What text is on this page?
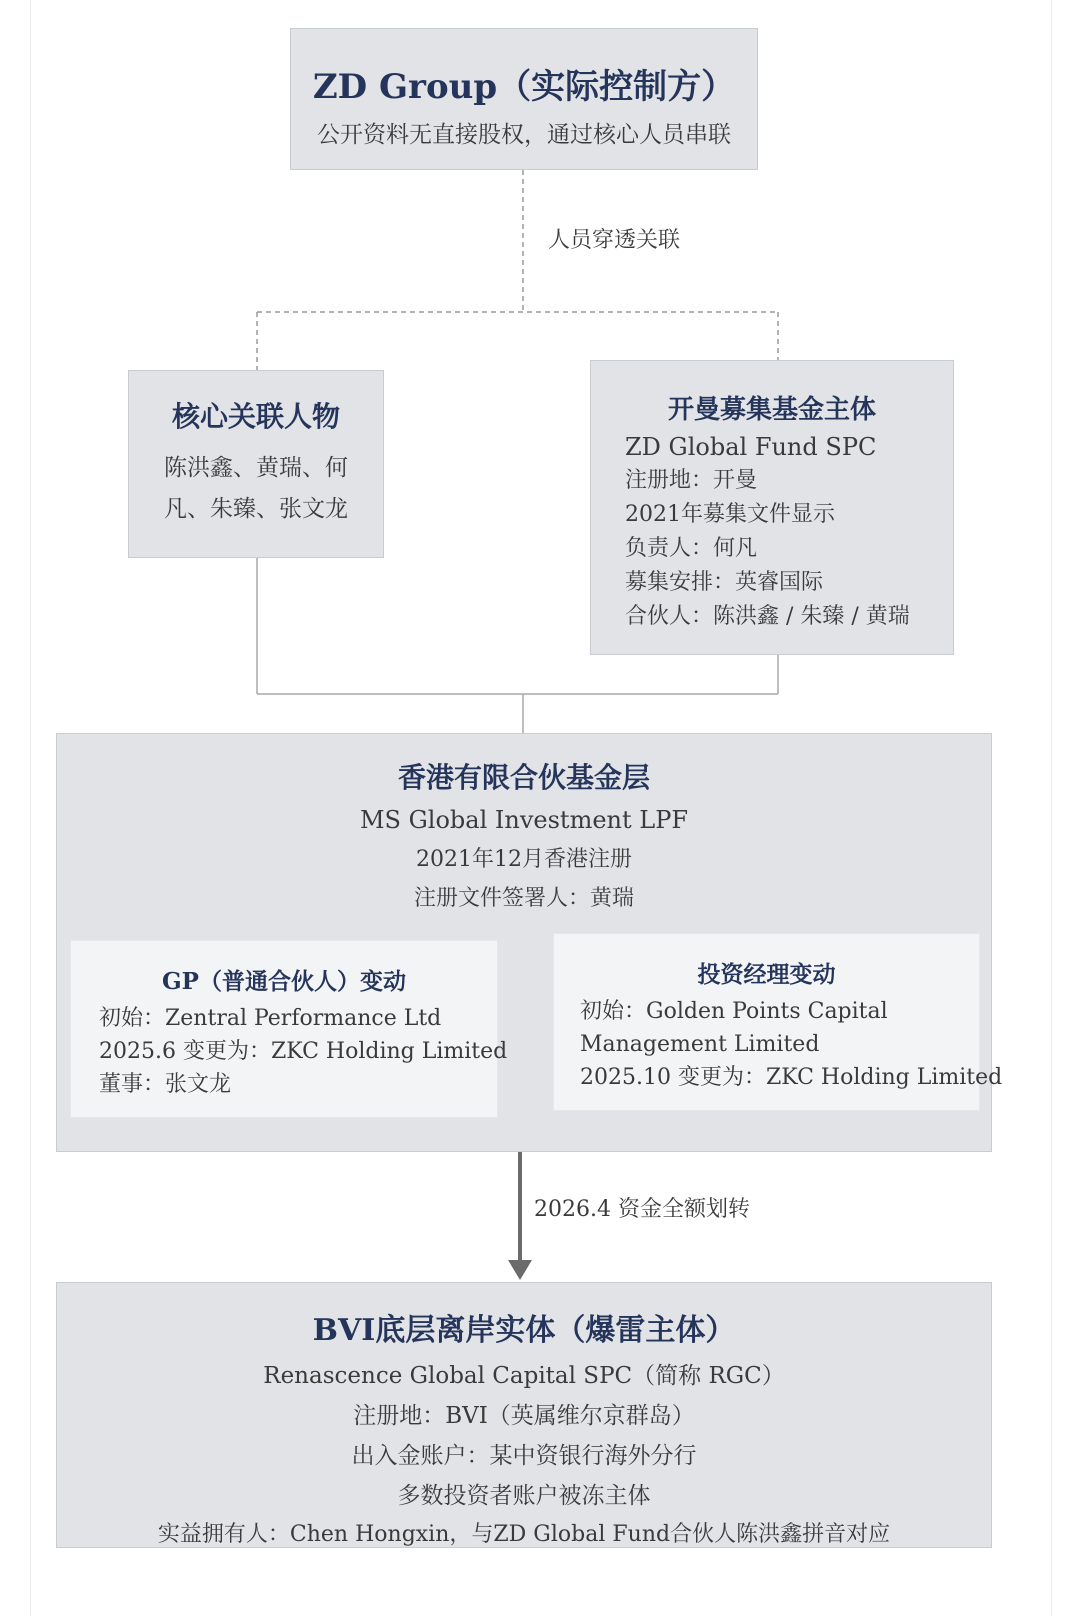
ZD Group（实际控制方）
公开资料无直接股权，通过核心人员串联
人员穿透关联
核心关联人物
陈洪鑫、黄瑞、何
凡、朱臻、张文龙
开曼募集基金主体
ZD Global Fund SPC
注册地：开曼
2021年募集文件显示
负责人：何凡
募集安排：英睿国际
合伙人：陈洪鑫 / 朱臻 / 黄瑞
香港有限合伙基金层
MS Global Investment LPF
2021年12月香港注册
注册文件签署人：黄瑞
GP（普通合伙人）变动
初始：Zentral Performance Ltd
2025.6 变更为：ZKC Holding Limited
董事：张文龙
投资经理变动
初始：Golden Points Capital
Management Limited
2025.10 变更为：ZKC Holding Limited
2026.4 资金全额划转
BVI底层离岸实体（爆雷主体）
Renascence Global Capital SPC（简称 RGC）
注册地：BVI（英属维尔京群岛）
出入金账户：某中资银行海外分行
多数投资者账户被冻主体
实益拥有人：Chen Hongxin，与ZD Global Fund合伙人陈洪鑫拼音对应
